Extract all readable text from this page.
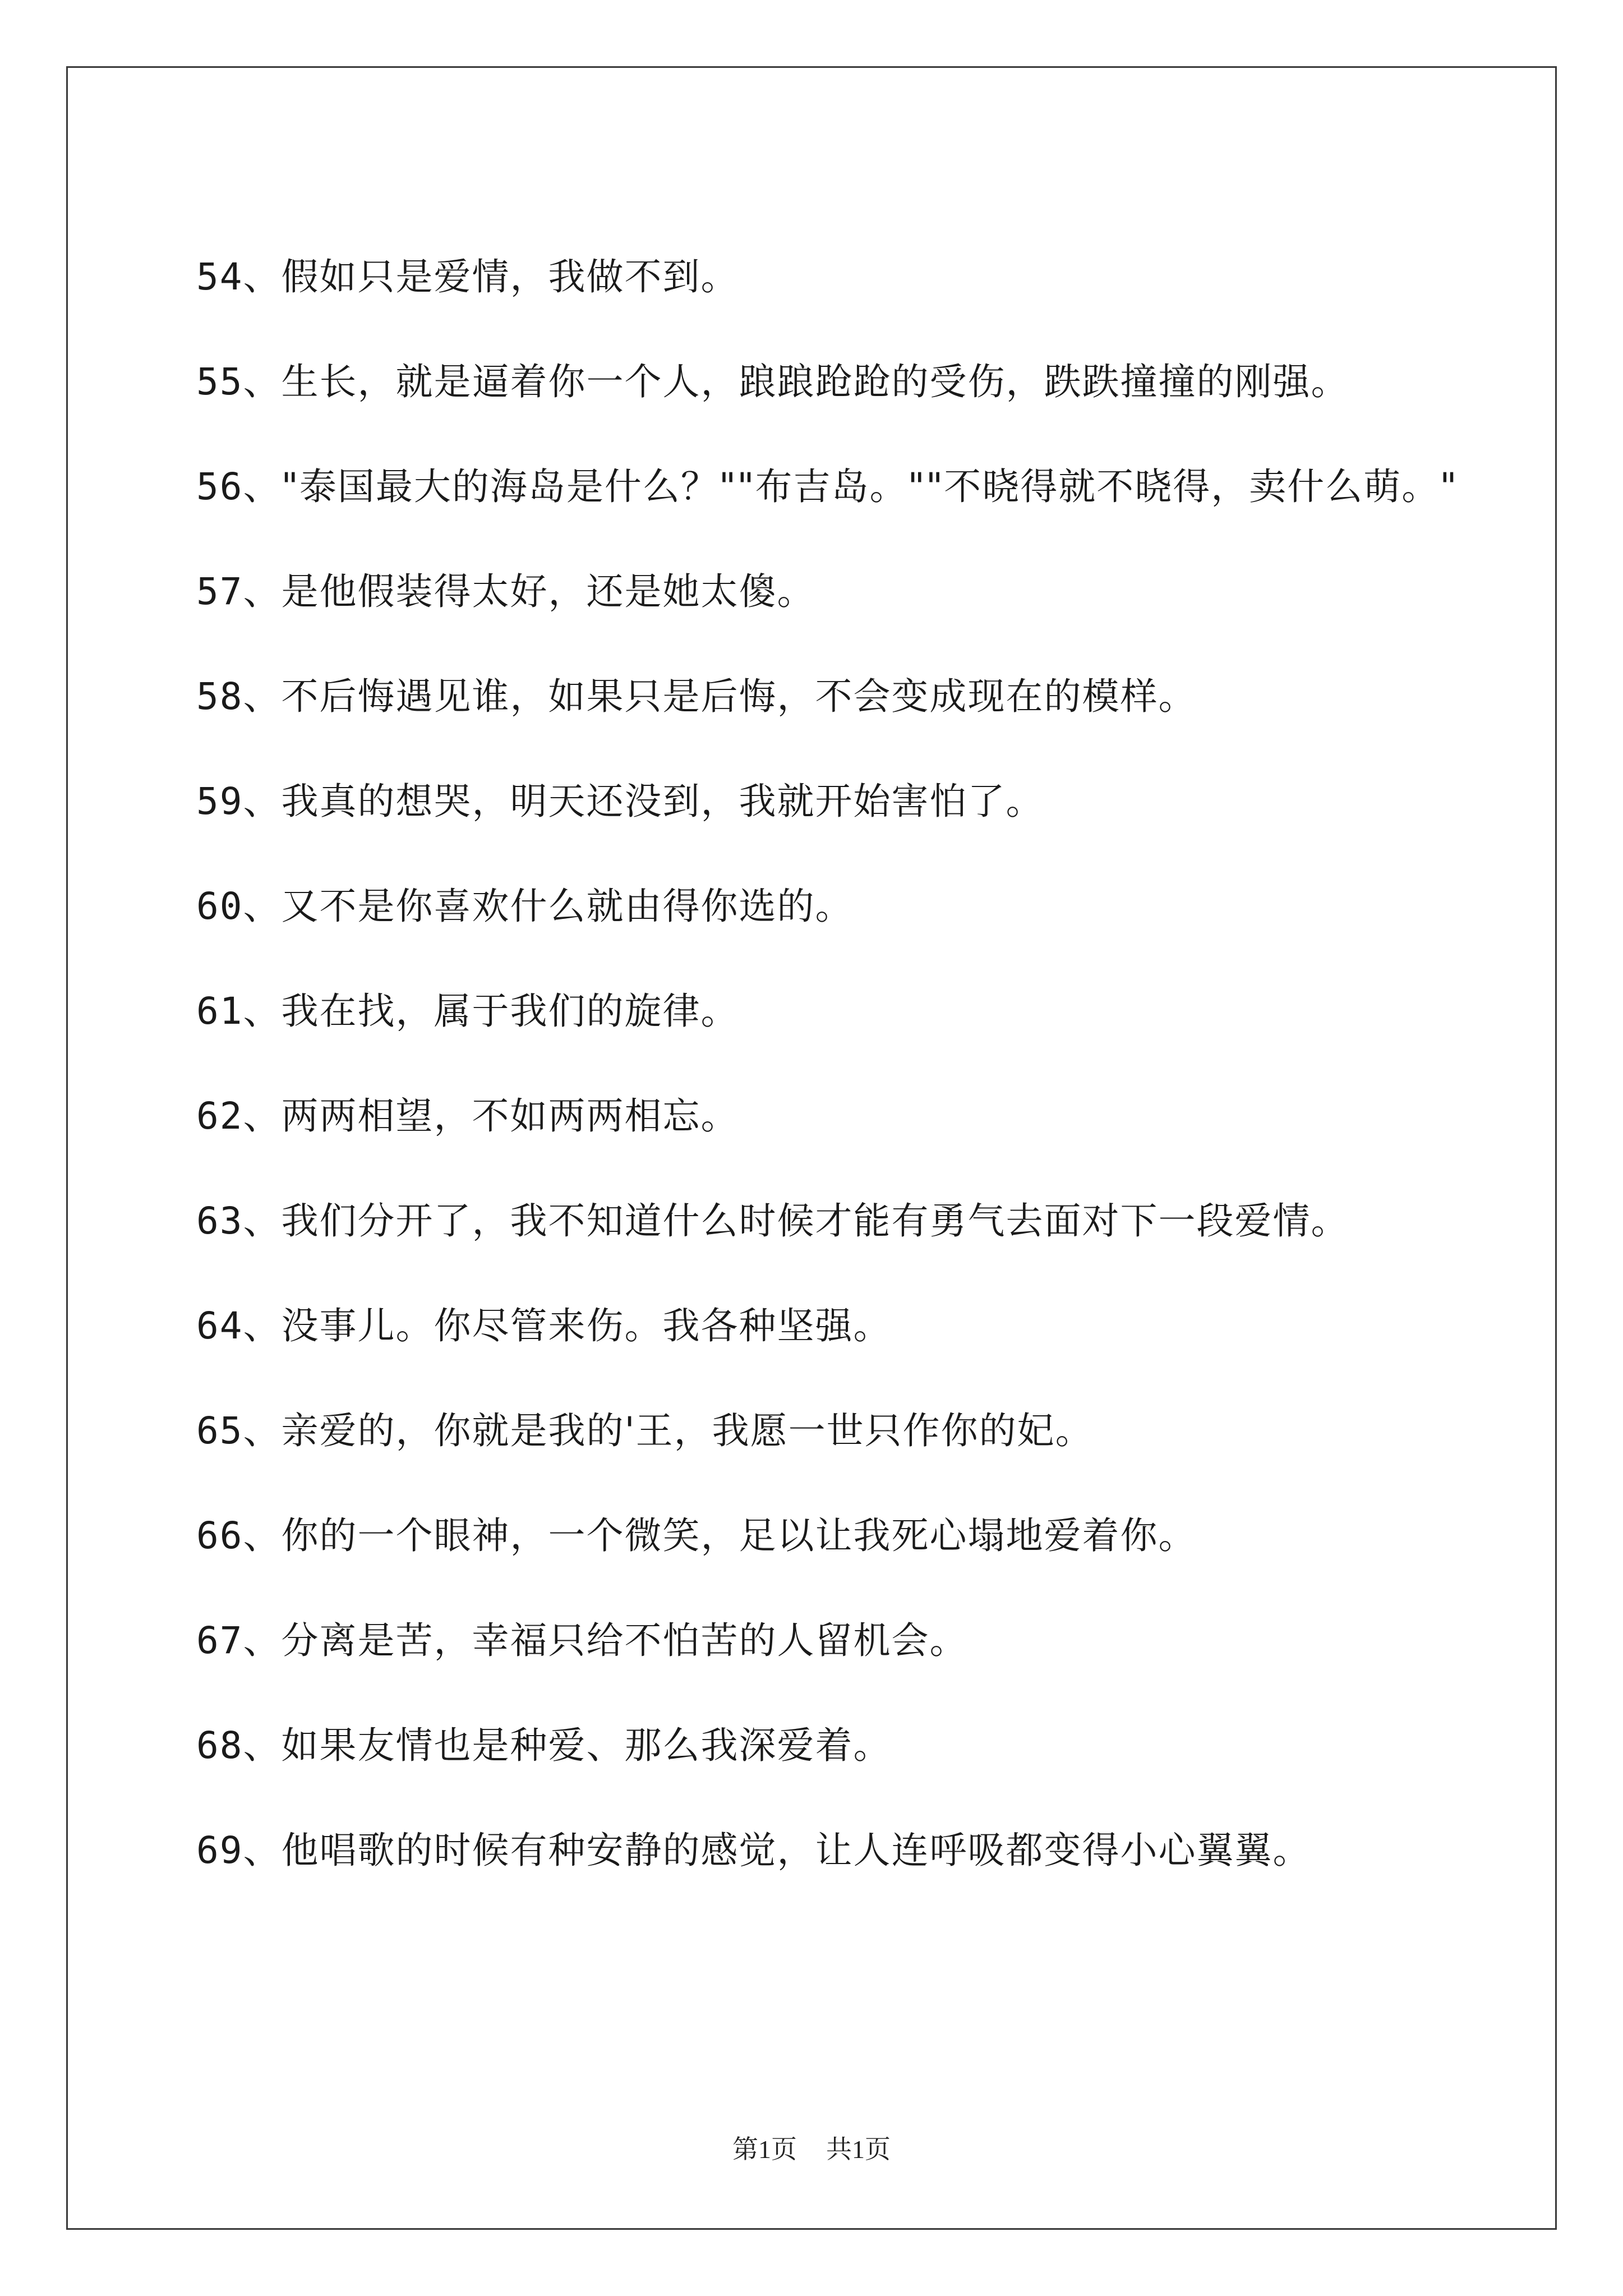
54、假如只是爱情，我做不到。

55、生长，就是逼着你一个人，踉踉跄跄的受伤，跌跌撞撞的刚强。

56、"泰国最大的海岛是什么？""布吉岛。""不晓得就不晓得，卖什么萌。"

57、是他假装得太好，还是她太傻。

58、不后悔遇见谁，如果只是后悔，不会变成现在的模样。

59、我真的想哭，明天还没到，我就开始害怕了。

60、又不是你喜欢什么就由得你选的。

61、我在找，属于我们的旋律。

62、两两相望，不如两两相忘。

63、我们分开了，我不知道什么时候才能有勇气去面对下一段爱情。

64、没事儿。你尽管来伤。我各种坚强。

65、亲爱的，你就是我的'王，我愿一世只作你的妃。

66、你的一个眼神，一个微笑，足以让我死心塌地爱着你。

67、分离是苦，幸福只给不怕苦的人留机会。

68、如果友情也是种爱、那么我深爱着。

69、他唱歌的时候有种安静的感觉，让人连呼吸都变得小心翼翼。

第1页 共1页
